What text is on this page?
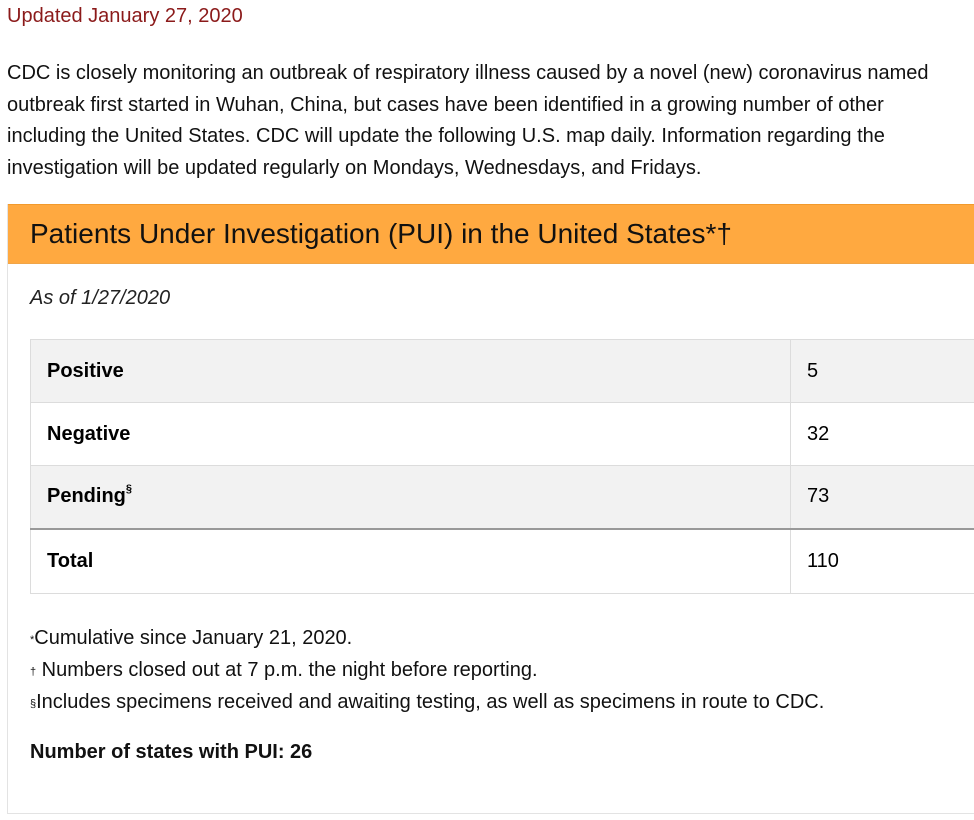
Updated January 27, 2020
CDC is closely monitoring an outbreak of respiratory illness caused by a novel (new) coronavirus named
outbreak first started in Wuhan, China, but cases have been identified in a growing number of other
including the United States. CDC will update the following U.S. map daily. Information regarding the
investigation will be updated regularly on Mondays, Wednesdays, and Fridays.
Patients Under Investigation (PUI) in the United States*†
As of 1/27/2020
Positive	5
Negative	32
Pending§	73
Total	110
*Cumulative since January 21, 2020.
† Numbers closed out at 7 p.m. the night before reporting.
§Includes specimens received and awaiting testing, as well as specimens in route to CDC.
Number of states with PUI: 26
